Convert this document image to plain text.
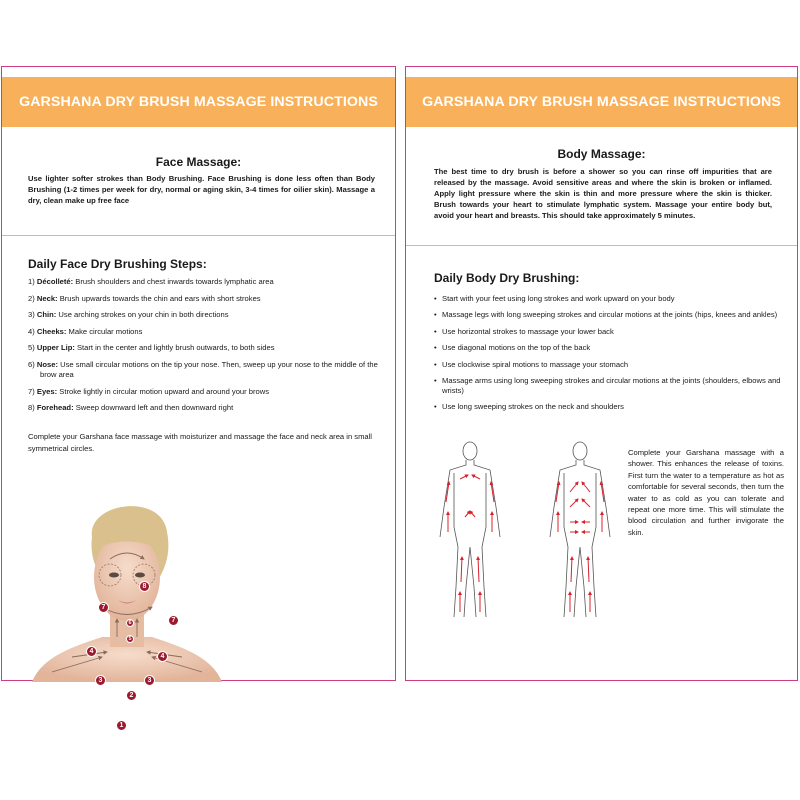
GARSHANA DRY BRUSH MASSAGE INSTRUCTIONS
Face Massage:
Use lighter softer strokes than Body Brushing. Face Brushing is done less often than Body Brushing (1-2 times per week for dry, normal or aging skin, 3-4 times for oilier skin). Massage a dry, clean make up free face
Daily Face Dry Brushing Steps:
1) Décolleté: Brush shoulders and chest inwards towards lymphatic area
2) Neck: Brush upwards towards the chin and ears with short strokes
3) Chin: Use arching strokes on your chin in both directions
4) Cheeks: Make circular motions
5) Upper Lip: Start in the center and lightly brush outwards, to both sides
6) Nose: Use small circular motions on the tip your nose. Then, sweep up your nose to the middle of the brow area
7) Eyes: Stroke lightly in circular motion upward and around your brows
8) Forehead: Sweep downward left and then downward right
Complete your Garshana face massage with moisturizer and massage the face and neck area in small symmetrical circles.
8
7
7
6
5
4
4
3	3
2
1
GARSHANA DRY BRUSH MASSAGE INSTRUCTIONS
Body Massage:
The best time to dry brush is before a shower so you can rinse off impurities that are released by the massage. Avoid sensitive areas and where the skin is broken or inflamed. Apply light pressure where the skin is thin and more pressure where the skin is thicker. Brush towards your heart to stimulate lymphatic system. Massage your entire body but, avoid your heart and breasts. This should take approximately 5 minutes.
Daily Body Dry Brushing:
• Start with your feet using long strokes and work upward on your body
• Massage legs with long sweeping strokes and circular motions at the joints (hips, knees and ankles)
• Use horizontal strokes to massage your lower back
• Use diagonal motions on the top of the back
• Use clockwise spiral motions to massage your stomach
• Massage arms using long sweeping strokes and circular motions at the joints (shoulders, elbows and wrists)
• Use long sweeping strokes on the neck and shoulders
Complete your Garshana massage with a shower. This enhances the release of toxins. First turn the water to a temperature as hot as comfortable for several seconds, then turn the water to as cold as you can tolerate and repeat one more time. This will stimulate the blood circulation and further invigorate the skin.
